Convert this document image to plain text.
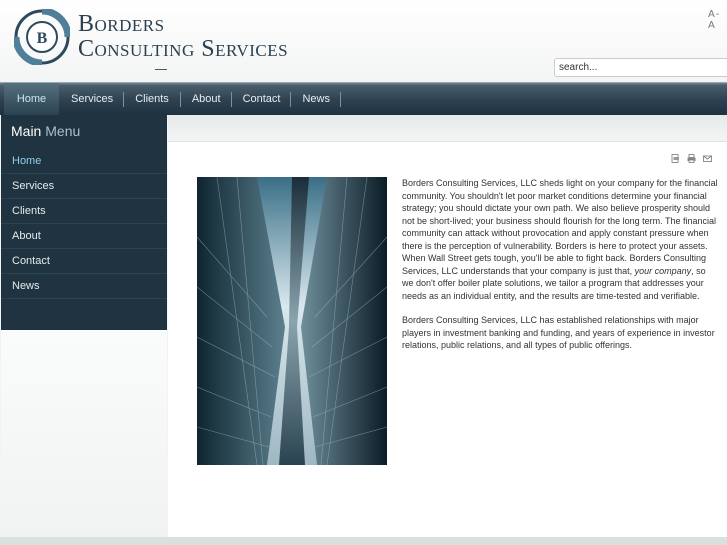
B
Borders
Consulting Services
A- A
search...
Home Services Clients About Contact News
Main Menu
Home
Services
Clients
About
Contact
News

Borders Consulting Services, LLC sheds light on your company for the financial community. You shouldn't let poor market conditions determine your financial strategy; you should dictate your own path. We also believe prosperity should not be short-lived; your business should flourish for the long term. The financial community can attack without provocation and apply constant pressure when there is the perception of vulnerability. Borders is here to protect your assets. When Wall Street gets tough, you'll be able to fight back. Borders Consulting Services, LLC understands that your company is just that, your company, so we don't offer boiler plate solutions, we tailor a program that addresses your needs as an individual entity, and the results are time-tested and verifiable.

Borders Consulting Services, LLC has established relationships with major players in investment banking and funding, and years of experience in investor relations, public relations, and all types of public offerings.
